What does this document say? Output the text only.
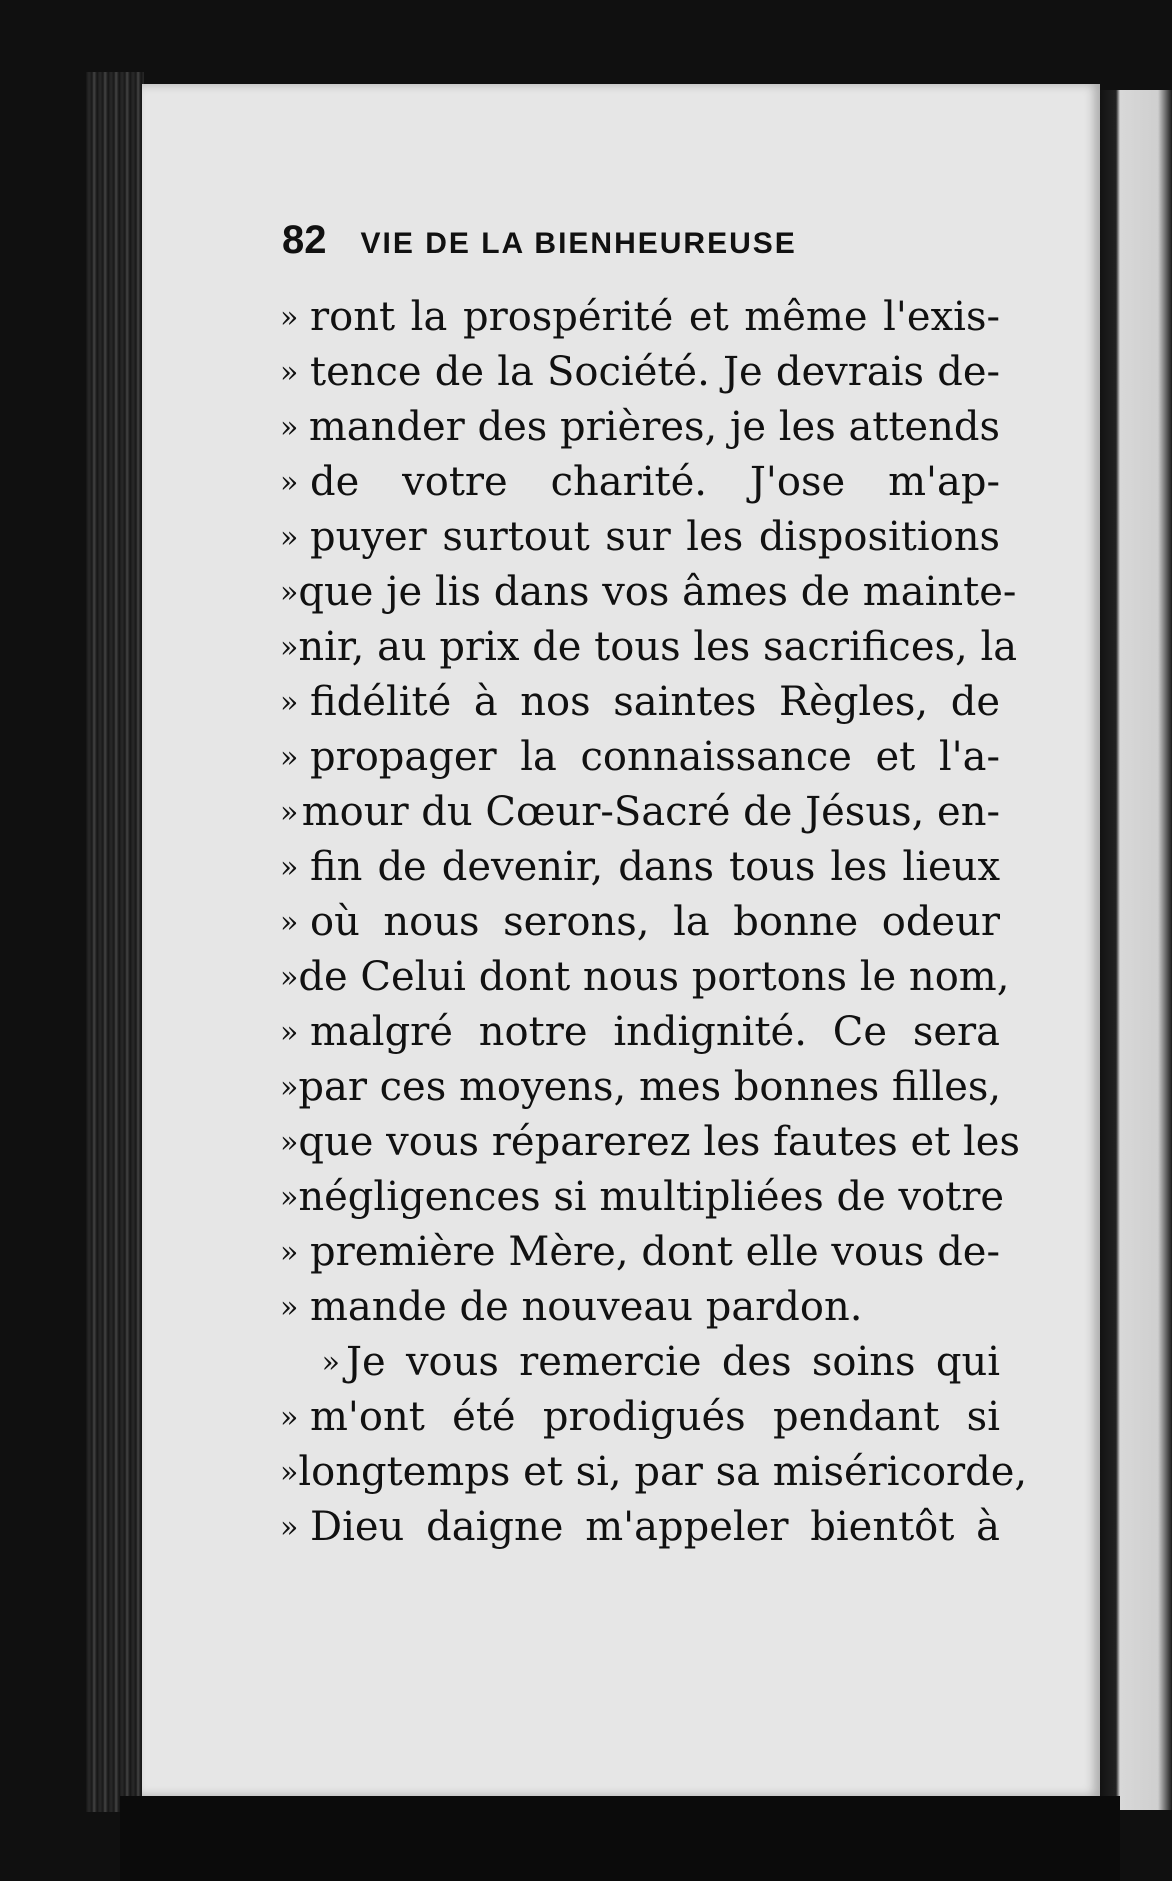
82 VIE DE LA BIENHEUREUSE
» ront la prospérité et même l'exis-
» tence de la Société. Je devrais de-
» mander des prières, je les attends
» de votre charité. J'ose m'ap-
» puyer surtout sur les dispositions
» que je lis dans vos âmes de mainte-
» nir, au prix de tous les sacrifices, la
» fidélité à nos saintes Règles, de
» propager la connaissance et l'a-
» mour du Cœur-Sacré de Jésus, en-
» fin de devenir, dans tous les lieux
» où nous serons, la bonne odeur
» de Celui dont nous portons le nom,
» malgré notre indignité. Ce sera
» par ces moyens, mes bonnes filles,
» que vous réparerez les fautes et les
» négligences si multipliées de votre
» première Mère, dont elle vous de-
» mande de nouveau pardon.
» Je vous remercie des soins qui
» m'ont été prodigués pendant si
» longtemps et si, par sa miséricorde,
» Dieu daigne m'appeler bientôt à
